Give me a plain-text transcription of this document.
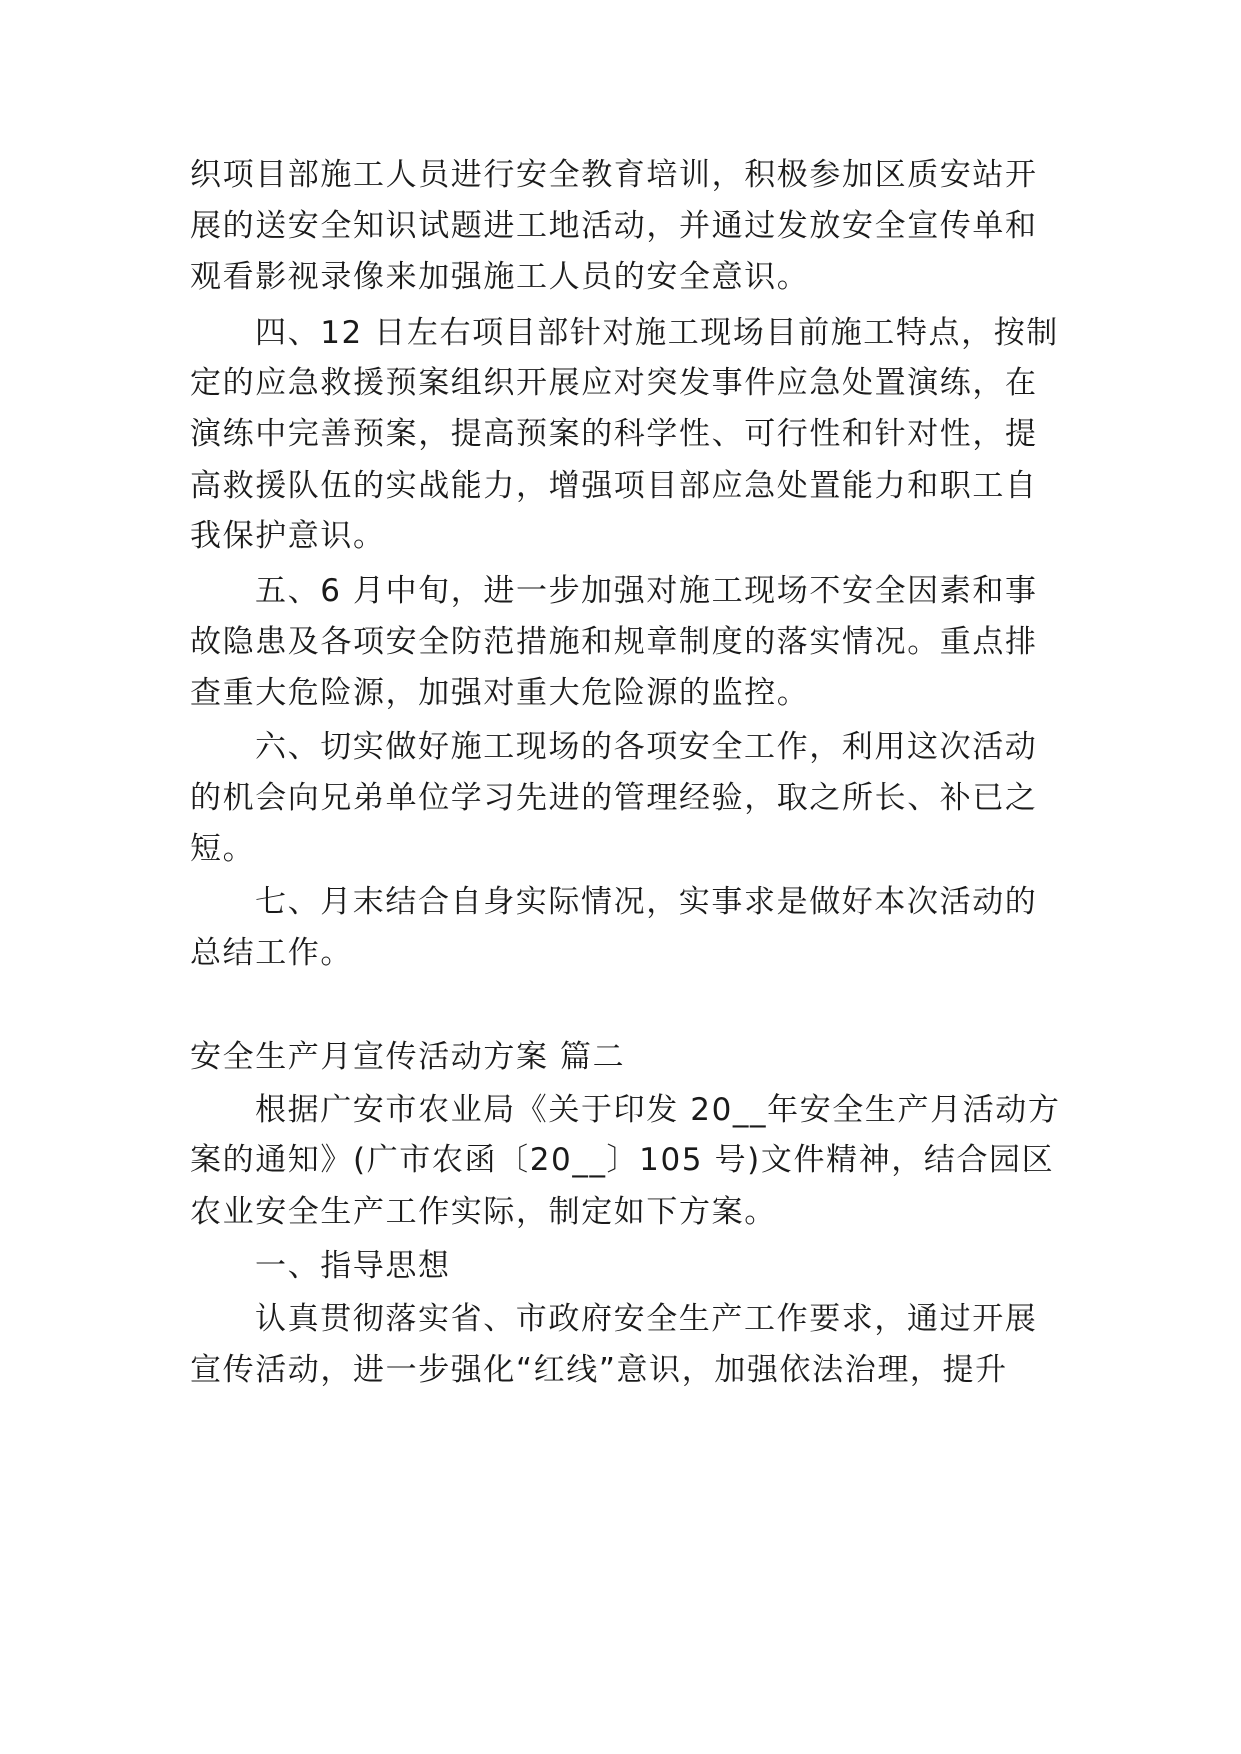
织项目部施工人员进行安全教育培训，积极参加区质安站开
展的送安全知识试题进工地活动，并通过发放安全宣传单和
观看影视录像来加强施工人员的安全意识。
四、12 日左右项目部针对施工现场目前施工特点，按制
定的应急救援预案组织开展应对突发事件应急处置演练，在
演练中完善预案，提高预案的科学性、可行性和针对性，提
高救援队伍的实战能力，增强项目部应急处置能力和职工自
我保护意识。
五、6 月中旬，进一步加强对施工现场不安全因素和事
故隐患及各项安全防范措施和规章制度的落实情况。重点排
查重大危险源，加强对重大危险源的监控。
六、切实做好施工现场的各项安全工作，利用这次活动
的机会向兄弟单位学习先进的管理经验，取之所长、补已之
短。
七、月末结合自身实际情况，实事求是做好本次活动的
总结工作。
安全生产月宣传活动方案 篇二
根据广安市农业局《关于印发 20__年安全生产月活动方
案的通知》(广市农函〔20__〕105 号)文件精神，结合园区
农业安全生产工作实际，制定如下方案。
一、指导思想
认真贯彻落实省、市政府安全生产工作要求，通过开展
宣传活动，进一步强化“红线”意识，加强依法治理，提升
